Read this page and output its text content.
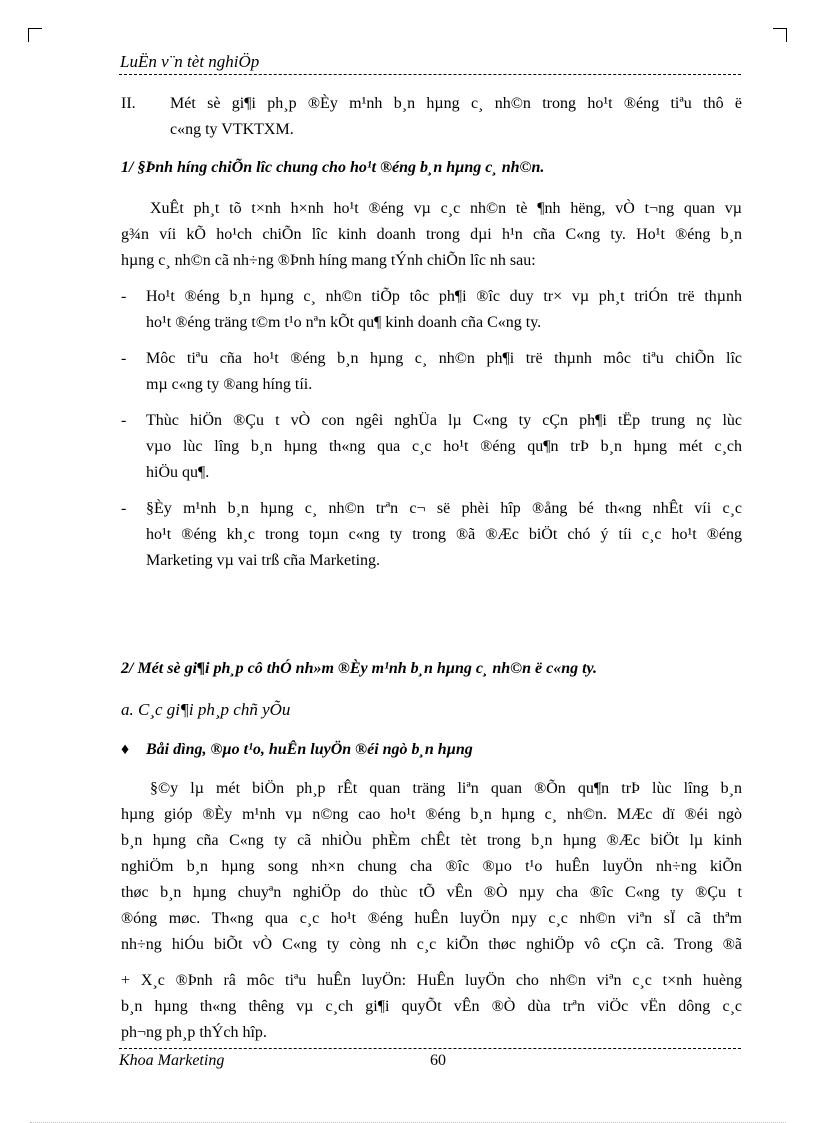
LuËn v¨n tèt nghiÖp
II. Mét sè gi¶i ph¸p ®Èy m¹nh b¸n hµng c¸ nh©n trong ho¹t ®éng tiªu thô ë
c«ng ty VTKTXM.
1/ §Þnh híng chiÕn lîc chung cho ho¹t ®éng b¸n hµng c¸ nh©n.
XuÊt ph¸t tõ t×nh h×nh ho¹t ®éng vµ c¸c nh©n tè ¶nh hëng, vÒ t¬ng quan vµ
g¾n víi kÕ ho¹ch chiÕn lîc kinh doanh trong dµi h¹n cña C«ng ty. Ho¹t ®éng b¸n
hµng c¸ nh©n cã nh÷ng ®Þnh híng mang tÝnh chiÕn lîc nh sau:
- Ho¹t ®éng b¸n hµng c¸ nh©n tiÕp tôc ph¶i ®îc duy tr× vµ ph¸t triÓn trë thµnh
ho¹t ®éng träng t©m t¹o nªn kÕt qu¶ kinh doanh cña C«ng ty.
- Môc tiªu cña ho¹t ®éng b¸n hµng c¸ nh©n ph¶i trë thµnh môc tiªu chiÕn lîc
mµ c«ng ty ®ang híng tíi.
- Thùc hiÖn ®Çu t vÒ con ngêi nghÜa lµ C«ng ty cÇn ph¶i tËp trung nç lùc
vµo lùc lîng b¸n hµng th«ng qua c¸c ho¹t ®éng qu¶n trÞ b¸n hµng mét c¸ch
hiÖu qu¶.
- §Èy m¹nh b¸n hµng c¸ nh©n trªn c¬ së phèi hîp ®ång bé th«ng nhÊt víi c¸c
ho¹t ®éng kh¸c trong toµn c«ng ty trong ®ã ®Æc biÖt chó ý tíi c¸c ho¹t ®éng
Marketing vµ vai trß cña Marketing.
2/ Mét sè gi¶i ph¸p cô thÓ nh»m ®Èy m¹nh b¸n hµng c¸ nh©n ë c«ng ty.
a. C¸c gi¶i ph¸p chñ yÕu
♦ Båi dìng, ®µo t¹o, huÊn luyÖn ®éi ngò b¸n hµng
§©y lµ mét biÖn ph¸p rÊt quan träng liªn quan ®Õn qu¶n trÞ lùc lîng b¸n
hµng gióp ®Èy m¹nh vµ n©ng cao ho¹t ®éng b¸n hµng c¸ nh©n. MÆc dï ®éi ngò
b¸n hµng cña C«ng ty cã nhiÒu phÈm chÊt tèt trong b¸n hµng ®Æc biÖt lµ kinh
nghiÖm b¸n hµng song nh×n chung cha ®îc ®µo t¹o huÊn luyÖn nh÷ng kiÕn
thøc b¸n hµng chuyªn nghiÖp do thùc tÕ vÊn ®Ò nµy cha ®îc C«ng ty ®Çu t
®óng møc. Th«ng qua c¸c ho¹t ®éng huÊn luyÖn nµy c¸c nh©n viªn sÏ cã thªm
nh÷ng hiÓu biÕt vÒ C«ng ty còng nh c¸c kiÕn thøc nghiÖp vô cÇn cã. Trong ®ã
+ X¸c ®Þnh râ môc tiªu huÊn luyÖn: HuÊn luyÖn cho nh©n viªn c¸c t×nh huèng
b¸n hµng th«ng thêng vµ c¸ch gi¶i quyÕt vÊn ®Ò dùa trªn viÖc vËn dông c¸c
ph¬ng ph¸p thÝch hîp.
Khoa Marketing	60
